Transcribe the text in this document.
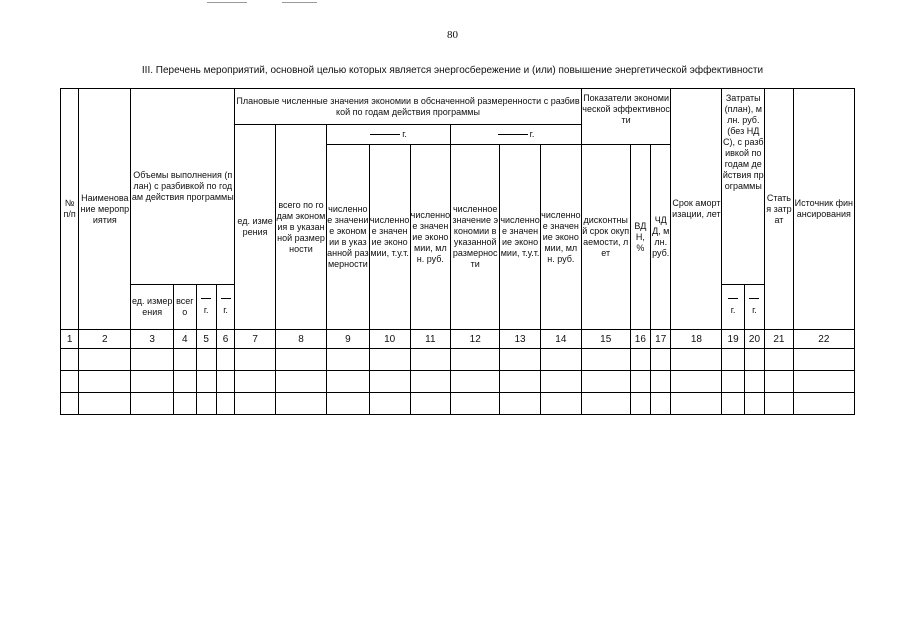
80
III. Перечень мероприятий, основной целью которых является энергосбережение и (или) повышение энергетической эффективности
№ п/п	Наименование мероприятия	Объемы выполнения (план) с разбивкой по годам действия программы				Плановые численные значения экономии в обсначенной размеренности с разбивкой по годам действия программы								Показатели экономической эффективности			Срок амортизации, лет	Затраты (план), млн. руб. (без НДС), с разбивкой по годам действия программы		Статья затрат	Источник финансирования
						ед. измерения	всего по годам экономия в указанной размерности	г.			г.										
								численное значение экономии в указанной размерности	численное значение экономии, т.у.т.	численное значение экономии, млн. руб.	численное значение экономии в указанной размерности	численное значение экономии, т.у.т.	численное значение экономии, млн. руб.	дисконтный срок окупаемости, лет	ВДН, %	ЧДД, млн. руб.					
		ед. измерения	всего	г.	г.													г.	г.		
1	2	3	4	5	6	7	8	9	10	11	12	13	14	15	16	17	18	19	20	21	22
